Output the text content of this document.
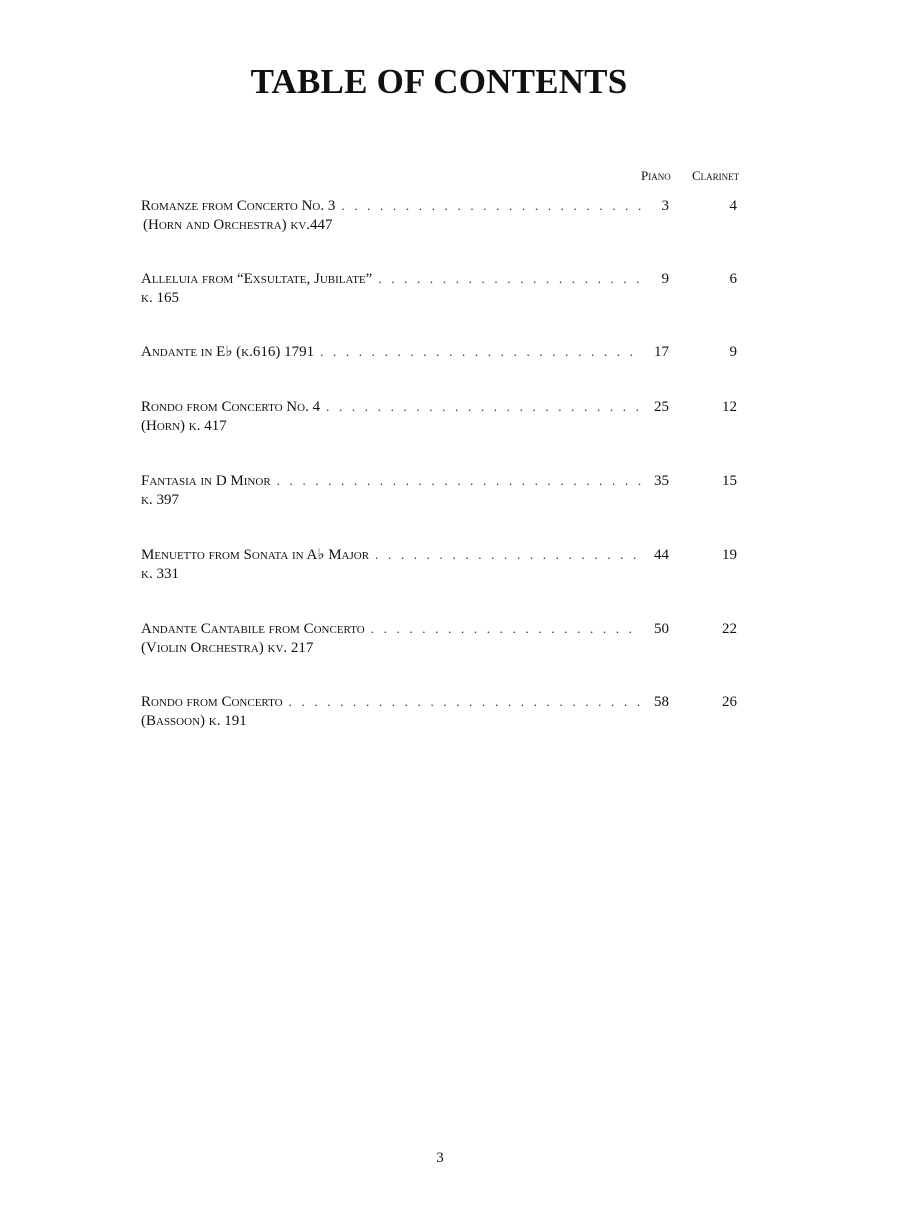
TABLE OF CONTENTS
Piano Clarinet
Romanze from Concerto No. 3 . . .	3	4
(Horn and Orchestra) kv.447
Alleluia from “Exsultate, Jubilate” . . .	9	6
k. 165
Andante in E♭ (k.616) 1791 . . .	17	9
Rondo from Concerto No. 4 . . .	25	12
(Horn) k. 417
Fantasia in D Minor . . .	35	15
k. 397
Menuetto from Sonata in A♭ Major . . .	44	19
k. 331
Andante Cantabile from Concerto . . .	50	22
(Violin Orchestra) kv. 217
Rondo from Concerto . . .	58	26
(Bassoon) k. 191
3
